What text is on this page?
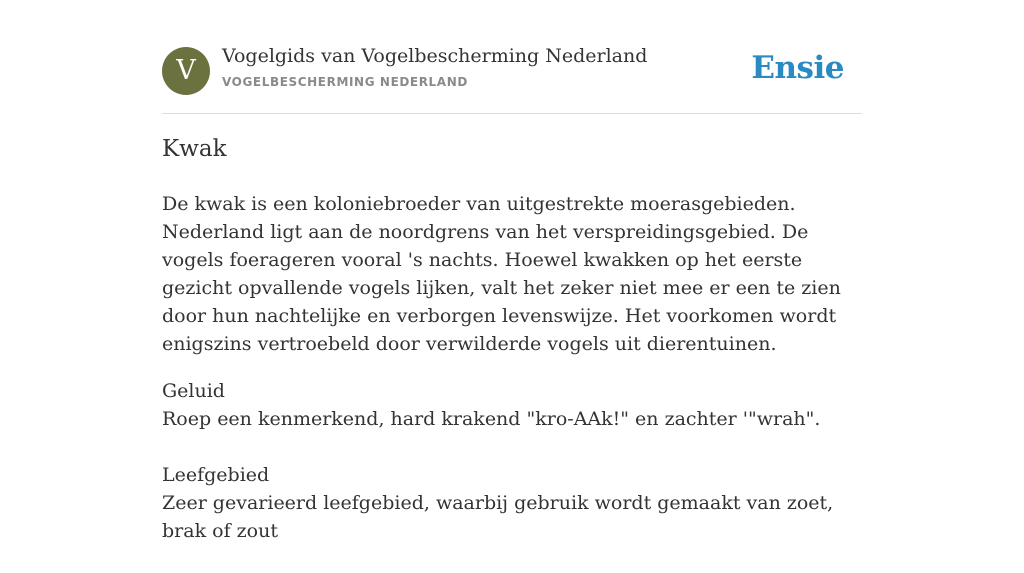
V	Vogelgids van Vogelbescherming Nederland
VOGELBESCHERMING NEDERLAND	Ensie
Kwak

De kwak is een koloniebroeder van uitgestrekte moerasgebieden. Nederland ligt aan de noordgrens van het verspreidingsgebied. De vogels foerageren vooral 's nachts. Hoewel kwakken op het eerste gezicht opvallende vogels lijken, valt het zeker niet mee er een te zien door hun nachtelijke en verborgen levenswijze. Het voorkomen wordt enigszins vertroebeld door verwilderde vogels uit dierentuinen.

Geluid
Roep een kenmerkend, hard krakend "kro-AAk!" en zachter '"wrah".
Leefgebied
Zeer gevarieerd leefgebied, waarbij gebruik wordt gemaakt van zoet, brak of zout
